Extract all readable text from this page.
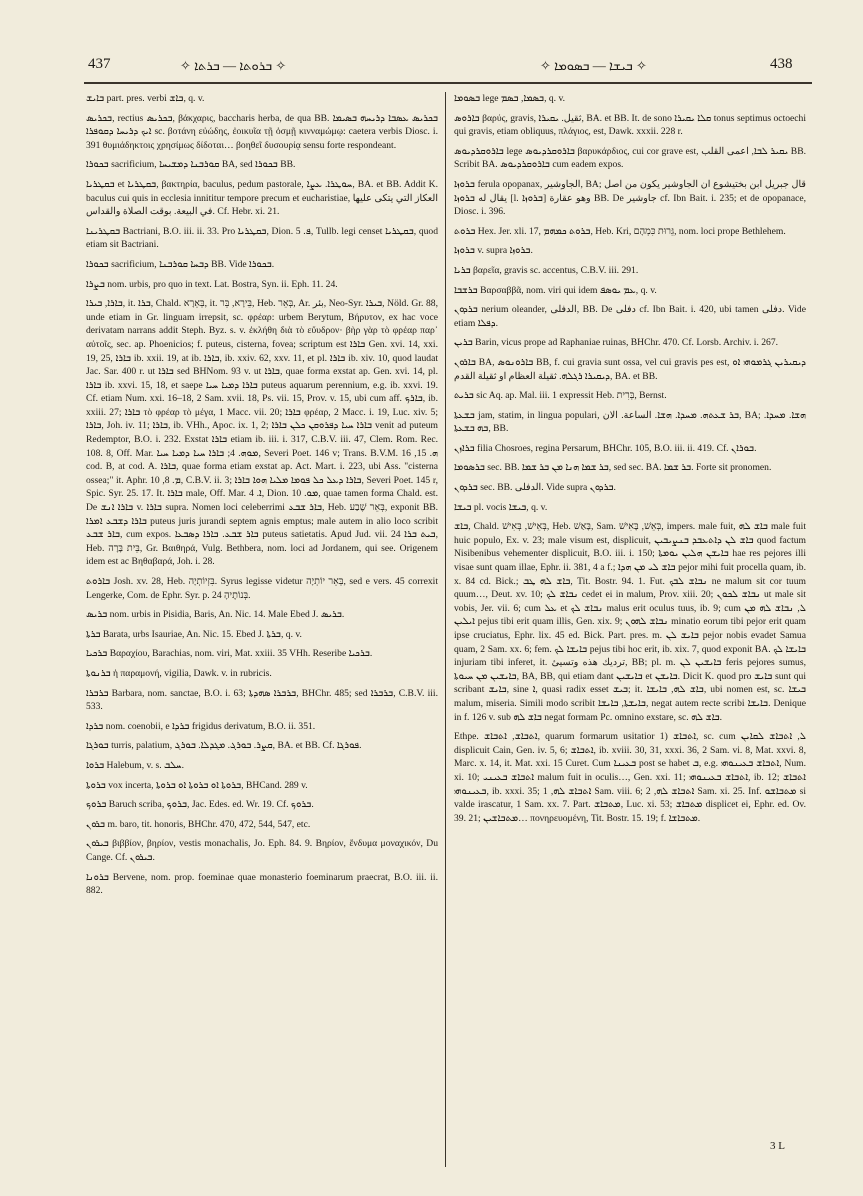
437	✧ ܒܪܘܬܐ — ܒܪܬܐ ✧	✧ ܒܝܫܐ — ܒܣܘܡܐ ✧	438

ܒܐܝܫ part. pres. verbi ܒܐܫ, q. v.

ܒܟܪܝܣ, rectius ܒܟܪܝܣ, βάκχαρις, baccharis herba, de qua BB. ܒܟܪܝܣ ܥܣܒܐ ܕܪܝܚܗ ܒܣܝܡܐ ܐܝܟ ܕܪܝܚܐ ܕܩܘܦܪܐ sc. βοτάνη εὐώδης, ἐοικυῖα τῇ ὀσμῇ κινναμώμῳ: caetera verbis Diosc. i. 391 θυμιάδηκτοις χρησίμως δίδοται… βοηθεῖ δυσουρίᾳ sensu forte respondeant.

ܒܟܘܪܐ sacrificium, ܩܘܪܒܢܐ ܕܡܫܝܚܐ BA, sed ܒܟܘܪܐ BB.

ܒܩܛܪܝܐ et ܒܩܛܪܝܐ, βακτηρία, baculus, pedum pastorale, ܚܘܛܪܐ. ܥܨܐ, BA. et BB. Addit K. baculus cui quis in ecclesia innititur tempore precum et eucharistiae, العكاز التي يتكى عليها في البيعة. بوقت الصلاة والقداس. Cf. Hebr. xi. 21.

ܒܩܛܪܝܢܐ Bactriani, B.O. iii. ii. 33. Pro ܒܩܛܪܝܐ, Dion. ܦ. 5, Tullb. legi censet ܒܩܛܪܝܐ, quod etiam sit Bactriani.

ܒܟܘܪܐ sacrificium, ܕܒܚܐ ܩܘܪܒܢܐ BB. Vide ܒܟܘܪܐ.

ܒܨܪܐ nom. urbis, pro quo in text. Lat. Bostra, Syn. ii. Eph. 11. 24.

ܒܐܪܐ, ܒܝܪܐ, it. ܒܪܐ, Chald. בְּאֵרָא, it. בֵּירָא, בֵּר, Heb. בְּאֵר, Ar. بئر, Neo-Syr. ܒܝܪܐ, Nöld. Gr. 88, unde etiam in Gr. linguam irrepsit, sc. φρέαρ: urbem Berytum, Βήρυτον, ex hac voce derivatam narrans addit Steph. Byz. s. v. ἐκλήθη διὰ τὸ εὔυδρον· βὴρ γὰρ τὸ φρέαρ παρ᾽ αὐτοῖς, sec. ap. Phoenicios; f. puteus, cisterna, fovea; scriptum est ܒܐܪܐ Gen. xvi. 14, xxi. 19, 25, ܒܐܪܐ ib. xxii. 19, at ib. ܒܐܪܐ, ib. xxiv. 62, xxv. 11, et pl. ܒܐܪܐ ib. xiv. 10, quod laudat Jac. Sar. 400 r. ut ܒܐܪܐ sed BHNom. 93 v. ut ܒܐܪܐ, quae forma exstat ap. Gen. xvi. 14, pl. ܒܐܪܐ ib. xxvi. 15, 18, et saepe ܒܐܪܐ ܕܡܝܐ ܚܝܐ puteus aquarum perennium, e.g. ib. xxvi. 19. Cf. etiam Num. xxi. 16–18, 2 Sam. xvii. 18, Ps. vii. 15, Prov. v. 15, ubi cum aff. ܒܐܪܟ, ib. xxiii. 27; ܒܐܪܐ τὸ φρέαρ τὸ μέγα, 1 Macc. vii. 20; ܒܐܪܐ φρέαρ, 2 Macc. i. 19, Luc. xiv. 5; ܒܐܪܐ, Joh. iv. 11; ܒܐܪܐ, ib. VHh., Apoc. ix. 1, 2; ܒܐܪܐ ܚܝܐ ܕܦܪܘܩܢ ܟܠܢ ܒܐܪܐ venit ad puteum Redemptor, B.O. i. 232. Exstat ܒܐܪܐ etiam ib. iii. i. 317, C.B.V. iii. 47, Clem. Rom. Rec. 108. 8, Off. Mar. ܡܘܗ. 4; ܒܐܪܐ ܚܝܐ ܕܡܝܐ ܚܝܐ, Severi Poet. 146 v; Trans. B.V.M. ܗ. 15, 16 cod. B, at cod. A. ܒܐܪܐ, quae forma etiam exstat ap. Act. Mart. i. 223, ubi Ass. "cisterna ossea;" it. Aphr. ܡ. 8, 10, C.B.V. ii. 3; ܒܐܪܐ ܕܥܠ ܟܠ ܦܘܡܐ ܡܠܝܐ ܗܘܐ ܒܐܪܐ, Severi Poet. 145 r, Spic. Syr. 25. 17. It. ܒܐܪܐ male, Off. Mar. ܐ. 4, Dion. ܡܘ. 10, quae tamen forma Chald. est. De ܒܐܪܐ ܐܢܫ v. ܒܐܪܐ supra. Nomen loci celeberrimi ܒܐܪ ܫܒܥ, Heb. בְּאֵר שֶׁבַע, exponit BB. ܒܐܪܐ ܕܫܒܥ ܐܡܪܐ puteus juris jurandi septem agnis emptus; male autem in alio loco scribit ܒܐܪ ܫܒܥ, cum expos. ܒܐܪ ܫܒܥ. ܒܐܪܐ ܕܣܒܥܐ puteus satietatis. Apud Jud. vii. 24 ܒܝܬ ܒܪܐ, Heb. בֵּית בָּרָה, Gr. Βαιθηρά, Vulg. Bethbera, nom. loci ad Jordanem, qui see. Origenem idem est ac Βηθαβαρά, Joh. i. 28.

ܒܐܪܘܬ Josh. xv. 28, Heb. בִּזְיוֹתְיָה. Syrus legisse videtur בְּאֵר יוֹתְיָה, sed e vers. 45 correxit Lengerke, Com. de Ephr. Syr. p. 24 בְּנוֹתֶיהָ.

ܒܪܝܣ nom. urbis in Pisidia, Baris, An. Nic. 14. Male Ebed J. ܒܪܝܣ.

ܒܪܬܐ Barata, urbs Isauriae, An. Nic. 15. Ebed J. ܒܪܬܐ, q. v.

ܒܪܟܝܐ Βαραχίου, Barachias, nom. viri, Mat. xxiii. 35 VHh. Reseribe ܒܪܟܝܐ.

ܒܪܢܘܬܐ ἡ παραμονή, vigilia, Dawk. v. in rubricis.

ܒܪܒܪܐ Barbara, nom. sanctae, B.O. i. 63; ܒܪܒܪܐ ܣܗܕܬܐ, BHChr. 485; sed ܒܪܒܪܐ, C.B.V. iii. 533.

ܒܪܕܐ nom. coenobii, e ܒܪܕܐ frigidus derivatum, B.O. ii. 351.

ܒܘܪܓܐ turris, palatium, ܩܨܪ. ܒܘܪܓ. ܡܓܕܠܐ. ܒܘܪܓ, BA. et BB. Cf. ܦܘܪܓܐ.

ܒܪܘܐ Halebum, v. s. ܚܠܒ.

ܒܪܘܬܐ vox incerta, ܒܪܘܬܐ ܐܘ ܒܪܘܬܐ ܐܘ ܒܪܘܬܐ, BHCand. 289 v.

ܒܪܘܟ Baruch scriba, ܒܪܘܟ, Jac. Edes. ed. Wr. 19. Cf. ܒܪܘܟ.

ܒܪܘܢ m. baro, tit. honoris, BHChr. 470, 472, 544, 547, etc.

ܒܝܪܘܢ βιββίον, βηρίον, vestis monachalis, Jo. Eph. 84. 9. Βηρίον, ἔνδυμα μοναχικόν, Du Cange. Cf. ܒܝܪܘܢ.

ܒܪܘܢܐ Bervene, nom. prop. foeminae quae monasterio foeminarum praecrat, B.O. iii. ii. 882.

ܒܣܘܡܐ lege ܒܣܡܐ, ܒܣܡ, q. v.

ܒܐܪܘܣ βαρύς, gravis, ثقيل. ܝܩܝܪܐ, BA. et BB. It. de sono ܩܠܐ ܝܩܝܪܐ tonus septimus octoechi qui gravis, etiam obliquus, πλάγιος, est, Dawk. xxxii. 228 r.

ܒܐܪܘܩܪܕܝܘܣ lege ܒܐܪܘܩܪܕܝܘܣ βαρυκάρδιος, cui cor grave est, ܝܩܝܪ ܠܒܐ, اعمى القلب BB. Scribit BA. ܒܐܪܘܩܪܕܝܘܣ cum eadem expos.

ܒܪܘܙܐ ferula opopanax, الجاوشير, BA; قال جبريل ابن بختيشوع ان الجاوشير يكون من اصل يقال له ܒܪܘܙܐ [l. ܒܪܘܙܐ] وهو عقارة BB. De جاوشير cf. Ibn Bait. i. 235; et de opopanace, Diosc. i. 396.

ܒܪܘܬ Hex. Jer. xli. 17, ܒܪܘܬ ܟܡܗܡ, Heb. Kri, גֵּרוּת כִּמְהָם, nom. loci prope Bethlehem.

ܒܪܘܙܐ v. supra ܒܪܘܙܐ.

ܒܪܝܐ βαρεῖα, gravis sc. accentus, C.B.V. iii. 291.

ܒܪܫܒܐ Βαρσαββᾶ, nom. viri qui idem ܥܡ ܝܘܣܦ, q. v.

ܒܪܕܘܢ nerium oleander, الدفلى, BB. De دفلى cf. Ibn Bait. i. 420, ubi tamen دفلى. Vide etiam ܕܦܠܐ.

ܒܪܝܢ Barin, vicus prope ad Raphaniae ruinas, BHChr. 470. Cf. Lorsb. Archiv. i. 267.

ܒܐܪܘܢ BA, ܒܐܪܘܢܘܣ BB, f. cui gravia sunt ossa, vel cui gravis pes est, ܕܝܩܝܪܝܢ ܓܪܡܘܗܝ ܐܘ ܕܝܩܝܪܐ ܪܓܠܗ. ثقيلة العظام او ثقيلة القدم, BA. et BB.

ܒܪܝܬ sic Aq. ap. Mal. iii. 1 expressit Heb. בְּרִית, Bernst.

ܒܫܥܬܐ jam, statim, in lingua populari, ܒܪ ܫܥܬܗ. ܡܚܕܐ. ܗܫܐ. الساعة. الان, BA; ܗܫܐ. ܡܚܕܐ. ܒܗ ܒܫܥܬܐ, BB.

ܒܪܐܙܢ filia Chosroes, regina Persarum, BHChr. 105, B.O. iii. ii. 419. Cf. ܒܘܪܐܢ.

ܒܪܣܘܡܐ sec. BB. ܒܪ ܫܡܐ ܗܢܐ ܡܢ ܒܪ ܫܡܐ, sed sec. BA. ܒܪ ܫܡܐ. Forte sit pronomen.

ܒܪܕܘܢ sec. BB. الدفلى. Vide supra ܒܪܕܘܢ.

ܒܝܫܐ pl. vocis ܒܝܫܐ, q. v.

ܒܐܫ, Chald. בְּאֵישׁ, בְּאִישׁ, Heb. בָּאַשׁ, Sam. בְּאֵשׁ, בָּאִישׁ, impers. male fuit, ܒܐܫ ܠܗ male fuit huic populo, Ex. v. 23; male visum est, displicuit, ܒܐܫ ܠܢ ܕܐܬܥܒܕ ܒܢܨܝܒܝܢ quod factum Nisibenibus vehementer displicuit, B.O. iii. i. 150; ܒܐܝܫܢ ܗܠܝܢ ܝܘܡܬܐ hae res pejores illi visae sunt quam illae, Ephr. ii. 381, 4 a f.; ܒܐܫ ܠܝ ܡܢ ܗܕܐ pejor mihi fuit procella quam, ib. x. 84 cd. Bick.; ܒܐܫ ܠܗ ܛܒ, Tit. Bostr. 94. 1. Fut. ܢܒܐܫ ܠܒܟ ne malum sit cor tuum quum…, Deut. xv. 10; ܢܒܐܫ ܠܟ cedet ei in malum, Prov. xiii. 20; ܢܒܐܫ ܠܟܘܢ ut male sit vobis, Jer. vii. 6; cum ܥܠ et ܢܒܐܫ ܠܟ malus erit oculus tuus, ib. 9; cum ܠ, ܢܒܐܫ ܠܗ ܡܢ ܐܝܠܝܢ pejus tibi erit quam illis, Gen. xix. 9; ܢܒܐܫ ܠܗܘܢ minatio eorum tibi pejor erit quam ipse cruciatus, Ephr. lix. 45 ed. Bick. Part. pres. m. ܒܐܝܫ ܠܢ pejor nobis evadet Samua quam, 2 Sam. xx. 6; fem. ܒܐܝܫܐ ܠܟ pejus tibi hoc erit, ib. xix. 7, quod exponit BA. ܒܐܝܫܐ ܠܟ injuriam tibi inferet, it. ترديك هذه وتسيئ, BB; pl. m. ܒܐܝܫܝܢ ܠܢ feris pejores sumus, ܒܐܝܫܝܢ ܡܢ ܚܝܘܬܐ, BA, BB, qui etiam dant ܒܐܝܫܝܢ et ܒܐܝܫܢ. Dicit K. quod pro ܒܐܝܫ sunt qui scribant ܒܐܝܫ, sine ܐ, quasi radix esset ܒܝܫ; it. ܒܐܫ ܠܗ, ܒܐܝܫܐ, ubi nomen est, sc. ܒܝܫܐ malum, miseria. Simili modo scribit ܒܐܝܫܬܐ, ܒܐܝܫܐ, negat autem recte scribi ܒܐܝܫܐ. Denique in f. 126 v. sub ܒܐܫ ܠܗ negat formam Pc. omnino exstare, sc. ܒܐܫ ܠܗ.

Ethpe. ܐܬܒܐܫ, ܐܬܒܐܫ, quarum formarum usitatior 1) ܐܬܒܐܫ, sc. cum ܠ, ܐܬܒܐܫ ܠܩܐܝܢ displicuit Cain, Gen. iv. 5, 6; ܐܬܒܐܫ, ib. xviii. 30, 31, xxxi. 36, 2 Sam. vi. 8, Mat. xxvi. 8, Marc. x. 14, it. Mat. xxi. 15 Curet. Cum ܒܥܝܢܐ post se habet ܒ, e.g. ܐܬܒܐܫ ܒܥܝܢܘܗܝ, Num. xi. 10; ܐܬܒܐܫ ܒܥܝܢܝ malum fuit in oculis…, Gen. xxi. 11; ܐܬܒܐܫ ܒܥܝܢܘܗܝ, ib. 12; ܐܬܒܐܫ ܒܥܝܢܘܗܝ, ib. xxxi. 35; ܐܬܒܐܫ ܠܗ, 1 Sam. viii. 6; ܐܬܒܐܫ ܠܗ, 2 Sam. xi. 25. Inf. ܡܬܒܐܫܘ si valde irascatur, 1 Sam. xx. 7. Part. ܡܬܒܐܫ, Luc. xi. 53; ܡܬܒܐܫ displicet ei, Ephr. ed. Ov. 39. 21; ܡܬܒܐܫܝܢ… πονηρευομένη, Tit. Bostr. 15. 19; f. ܡܬܒܐܫܐ.

3 L
